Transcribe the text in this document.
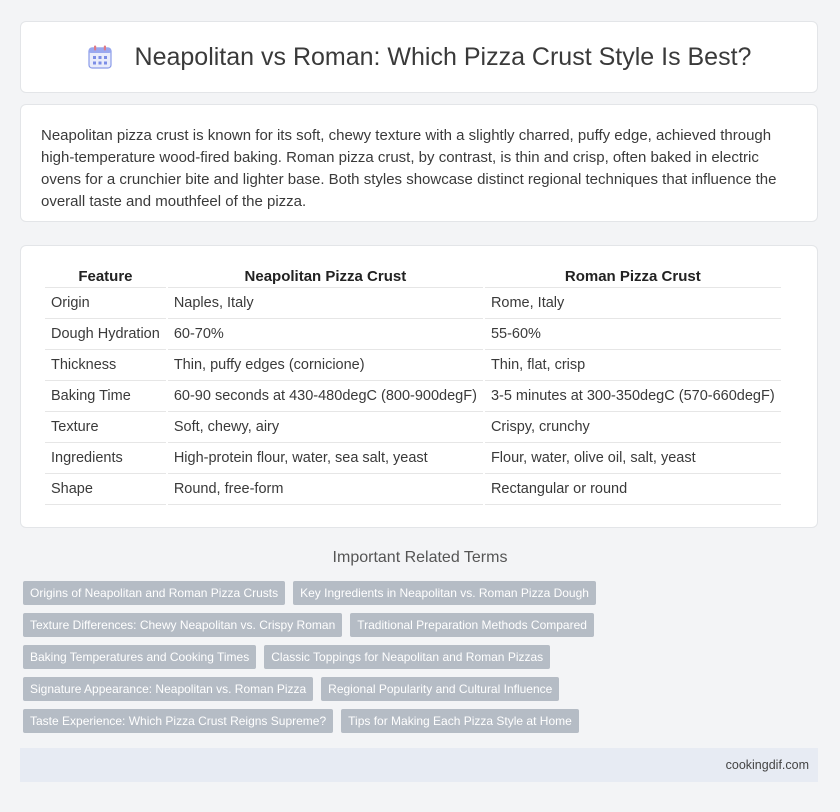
Neapolitan vs Roman: Which Pizza Crust Style Is Best?

Neapolitan pizza crust is known for its soft, chewy texture with a slightly charred, puffy edge, achieved through high-temperature wood-fired baking. Roman pizza crust, by contrast, is thin and crisp, often baked in electric ovens for a crunchier bite and lighter base. Both styles showcase distinct regional techniques that influence the overall taste and mouthfeel of the pizza.

Feature	Neapolitan Pizza Crust	Roman Pizza Crust
Origin	Naples, Italy	Rome, Italy
Dough Hydration	60-70%	55-60%
Thickness	Thin, puffy edges (cornicione)	Thin, flat, crisp
Baking Time	60-90 seconds at 430-480degC (800-900degF)	3-5 minutes at 300-350degC (570-660degF)
Texture	Soft, chewy, airy	Crispy, crunchy
Ingredients	High-protein flour, water, sea salt, yeast	Flour, water, olive oil, salt, yeast
Shape	Round, free-form	Rectangular or round
Important Related Terms
Origins of Neapolitan and Roman Pizza Crusts	Key Ingredients in Neapolitan vs. Roman Pizza Dough
Texture Differences: Chewy Neapolitan vs. Crispy Roman	Traditional Preparation Methods Compared
Baking Temperatures and Cooking Times	Classic Toppings for Neapolitan and Roman Pizzas
Signature Appearance: Neapolitan vs. Roman Pizza	Regional Popularity and Cultural Influence
Taste Experience: Which Pizza Crust Reigns Supreme?	Tips for Making Each Pizza Style at Home
cookingdif.com
